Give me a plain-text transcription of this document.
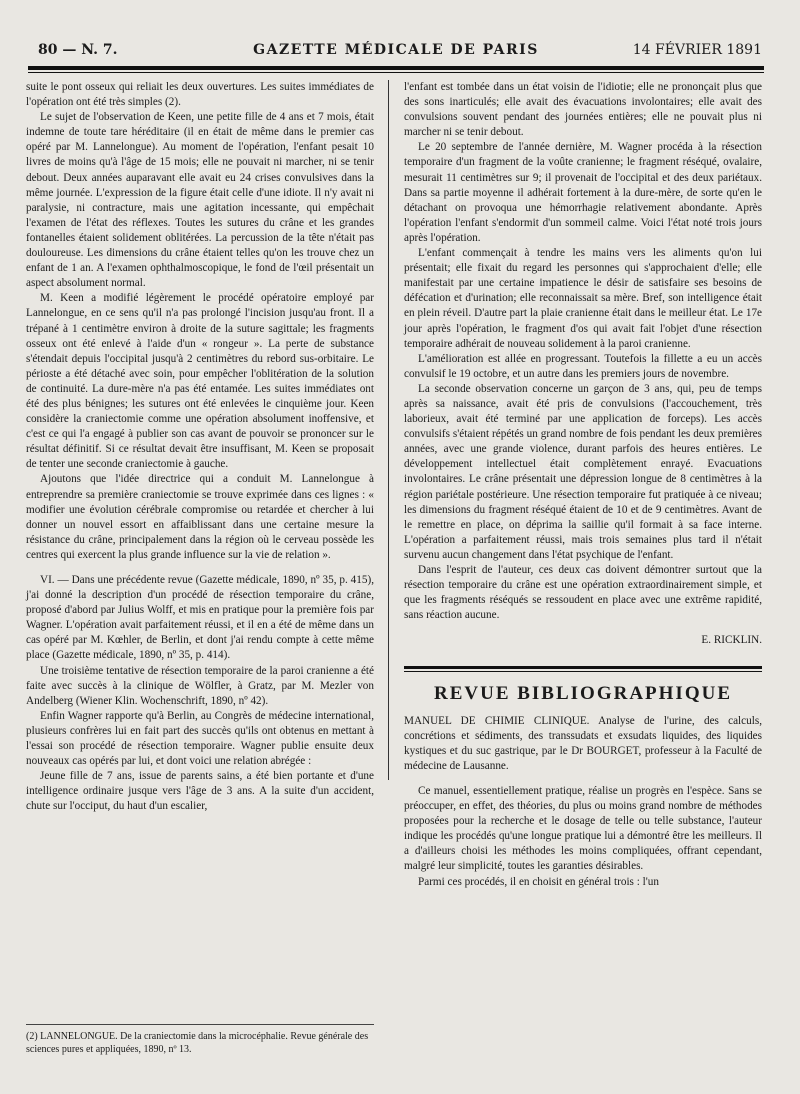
80 — N. 7.	GAZETTE MÉDICALE DE PARIS	14 FÉVRIER 1891

suite le pont osseux qui reliait les deux ouvertures. Les suites immédiates de l'opération ont été très simples (2).

Le sujet de l'observation de Keen, une petite fille de 4 ans et 7 mois, était indemne de toute tare héréditaire (il en était de même dans le premier cas opéré par M. Lannelongue). Au moment de l'opération, l'enfant pesait 10 livres de moins qu'à l'âge de 15 mois; elle ne pouvait ni marcher, ni se tenir debout. Deux années auparavant elle avait eu 24 crises convulsives dans la même journée. L'expression de la figure était celle d'une idiote. Il n'y avait ni paralysie, ni contracture, mais une agitation incessante, qui empêchait l'examen de l'état des réflexes. Toutes les sutures du crâne et les grandes fontanelles étaient solidement oblitérées. La percussion de la tête n'était pas douloureuse. Les dimensions du crâne étaient telles qu'on les trouve chez un enfant de 1 an. A l'examen ophthalmoscopique, le fond de l'œil présentait un aspect absolument normal.

M. Keen a modifié légèrement le procédé opératoire employé par Lannelongue, en ce sens qu'il n'a pas prolongé l'incision jusqu'au front. Il a trépané à 1 centimètre environ à droite de la suture sagittale; les fragments osseux ont été enlevé à l'aide d'un « rongeur ». La perte de substance s'étendait depuis l'occipital jusqu'à 2 centimètres du rebord sus-orbitaire. Le périoste a été détaché avec soin, pour empêcher l'oblitération de la solution de continuité. La dure-mère n'a pas été entamée. Les suites immédiates ont été des plus bénignes; les sutures ont été enlevées le cinquième jour. Keen considère la craniectomie comme une opération absolument inoffensive, et c'est ce qui l'a engagé à publier son cas avant de pouvoir se prononcer sur le résultat définitif. Si ce résultat devait être insuffisant, M. Keen se proposait de tenter une seconde craniectomie à gauche.

Ajoutons que l'idée directrice qui a conduit M. Lannelongue à entreprendre sa première craniectomie se trouve exprimée dans ces lignes : « modifier une évolution cérébrale compromise ou retardée et chercher à lui donner un nouvel essort en affaiblissant dans une certaine mesure la résistance du crâne, principalement dans la région où le cerveau possède les centres qui exercent la plus grande influence sur la vie de relation ».

VI. — Dans une précédente revue (Gazette médicale, 1890, nº 35, p. 415), j'ai donné la description d'un procédé de résection temporaire du crâne, proposé d'abord par Julius Wolff, et mis en pratique pour la première fois par Wagner. L'opération avait parfaitement réussi, et il en a été de même dans un cas opéré par M. Kœhler, de Berlin, et dont j'ai rendu compte à cette même place (Gazette médicale, 1890, nº 35, p. 414).

Une troisième tentative de résection temporaire de la paroi cranienne a été faite avec succès à la clinique de Wölfler, à Gratz, par M. Mezler von Andelberg (Wiener Klin. Wochenschrift, 1890, nº 42).

Enfin Wagner rapporte qu'à Berlin, au Congrès de médecine international, plusieurs confrères lui en fait part des succès qu'ils ont obtenus en mettant à l'essai son procédé de résection temporaire. Wagner publie ensuite deux nouveaux cas opérés par lui, et dont voici une relation abrégée :

Jeune fille de 7 ans, issue de parents sains, a été bien portante et d'une intelligence ordinaire jusque vers l'âge de 3 ans. A la suite d'un accident, chute sur l'occiput, du haut d'un escalier,

(2) LANNELONGUE. De la craniectomie dans la microcéphalie. Revue générale des sciences pures et appliquées, 1890, nº 13.

l'enfant est tombée dans un état voisin de l'idiotie; elle ne prononçait plus que des sons inarticulés; elle avait des évacuations involontaires; elle avait des convulsions souvent pendant des journées entières; elle ne pouvait plus ni marcher ni se tenir debout.

Le 20 septembre de l'année dernière, M. Wagner procéda à la résection temporaire d'un fragment de la voûte cranienne; le fragment réséqué, ovalaire, mesurait 11 centimètres sur 9; il provenait de l'occipital et des deux pariétaux. Dans sa partie moyenne il adhérait fortement à la dure-mère, de sorte qu'en le détachant on provoqua une hémorrhagie relativement abondante. Après l'opération l'enfant s'endormit d'un sommeil calme. Voici l'état noté trois jours après l'opération.

L'enfant commençait à tendre les mains vers les aliments qu'on lui présentait; elle fixait du regard les personnes qui s'approchaient d'elle; elle manifestait par une certaine impatience le désir de satisfaire ses besoins de défécation et d'urination; elle reconnaissait sa mère. Bref, son intelligence était en plein réveil. D'autre part la plaie cranienne était dans le meilleur état. Le 17e jour après l'opération, le fragment d'os qui avait fait l'objet d'une résection temporaire adhérait de nouveau solidement à la paroi cranienne.

L'amélioration est allée en progressant. Toutefois la fillette a eu un accès convulsif le 19 octobre, et un autre dans les premiers jours de novembre.

La seconde observation concerne un garçon de 3 ans, qui, peu de temps après sa naissance, avait été pris de convulsions (l'accouchement, très laborieux, avait été terminé par une application de forceps). Les accès convulsifs s'étaient répétés un grand nombre de fois pendant les deux premières années, avec une grande violence, durant parfois des heures entières. Le développement intellectuel était complètement enrayé. Evacuations involontaires. Le crâne présentait une dépression longue de 8 centimètres à la région pariétale postérieure. Une résection temporaire fut pratiquée à ce niveau; les dimensions du fragment réséqué étaient de 10 et de 9 centimètres. Avant de le remettre en place, on déprima la saillie qu'il formait à sa face interne. L'opération a parfaitement réussi, mais trois semaines plus tard il n'était survenu aucun changement dans l'état psychique de l'enfant.

Dans l'esprit de l'auteur, ces deux cas doivent démontrer surtout que la résection temporaire du crâne est une opération extraordinairement simple, et que les fragments réséqués se ressoudent en place avec une extrême rapidité, sans réaction aucune.

E. RICKLIN.
REVUE BIBLIOGRAPHIQUE

MANUEL DE CHIMIE CLINIQUE. Analyse de l'urine, des calculs, concrétions et sédiments, des transsudats et exsudats liquides, des liquides kystiques et du suc gastrique, par le Dr BOURGET, professeur à la Faculté de médecine de Lausanne.

Ce manuel, essentiellement pratique, réalise un progrès en l'espèce. Sans se préoccuper, en effet, des théories, du plus ou moins grand nombre de méthodes proposées pour la recherche et le dosage de telle ou telle substance, l'auteur indique les procédés qu'une longue pratique lui a démontré être les meilleurs. Il a d'ailleurs choisi les méthodes les moins compliquées, offrant cependant, malgré leur simplicité, toutes les garanties désirables.

Parmi ces procédés, il en choisit en général trois : l'un
